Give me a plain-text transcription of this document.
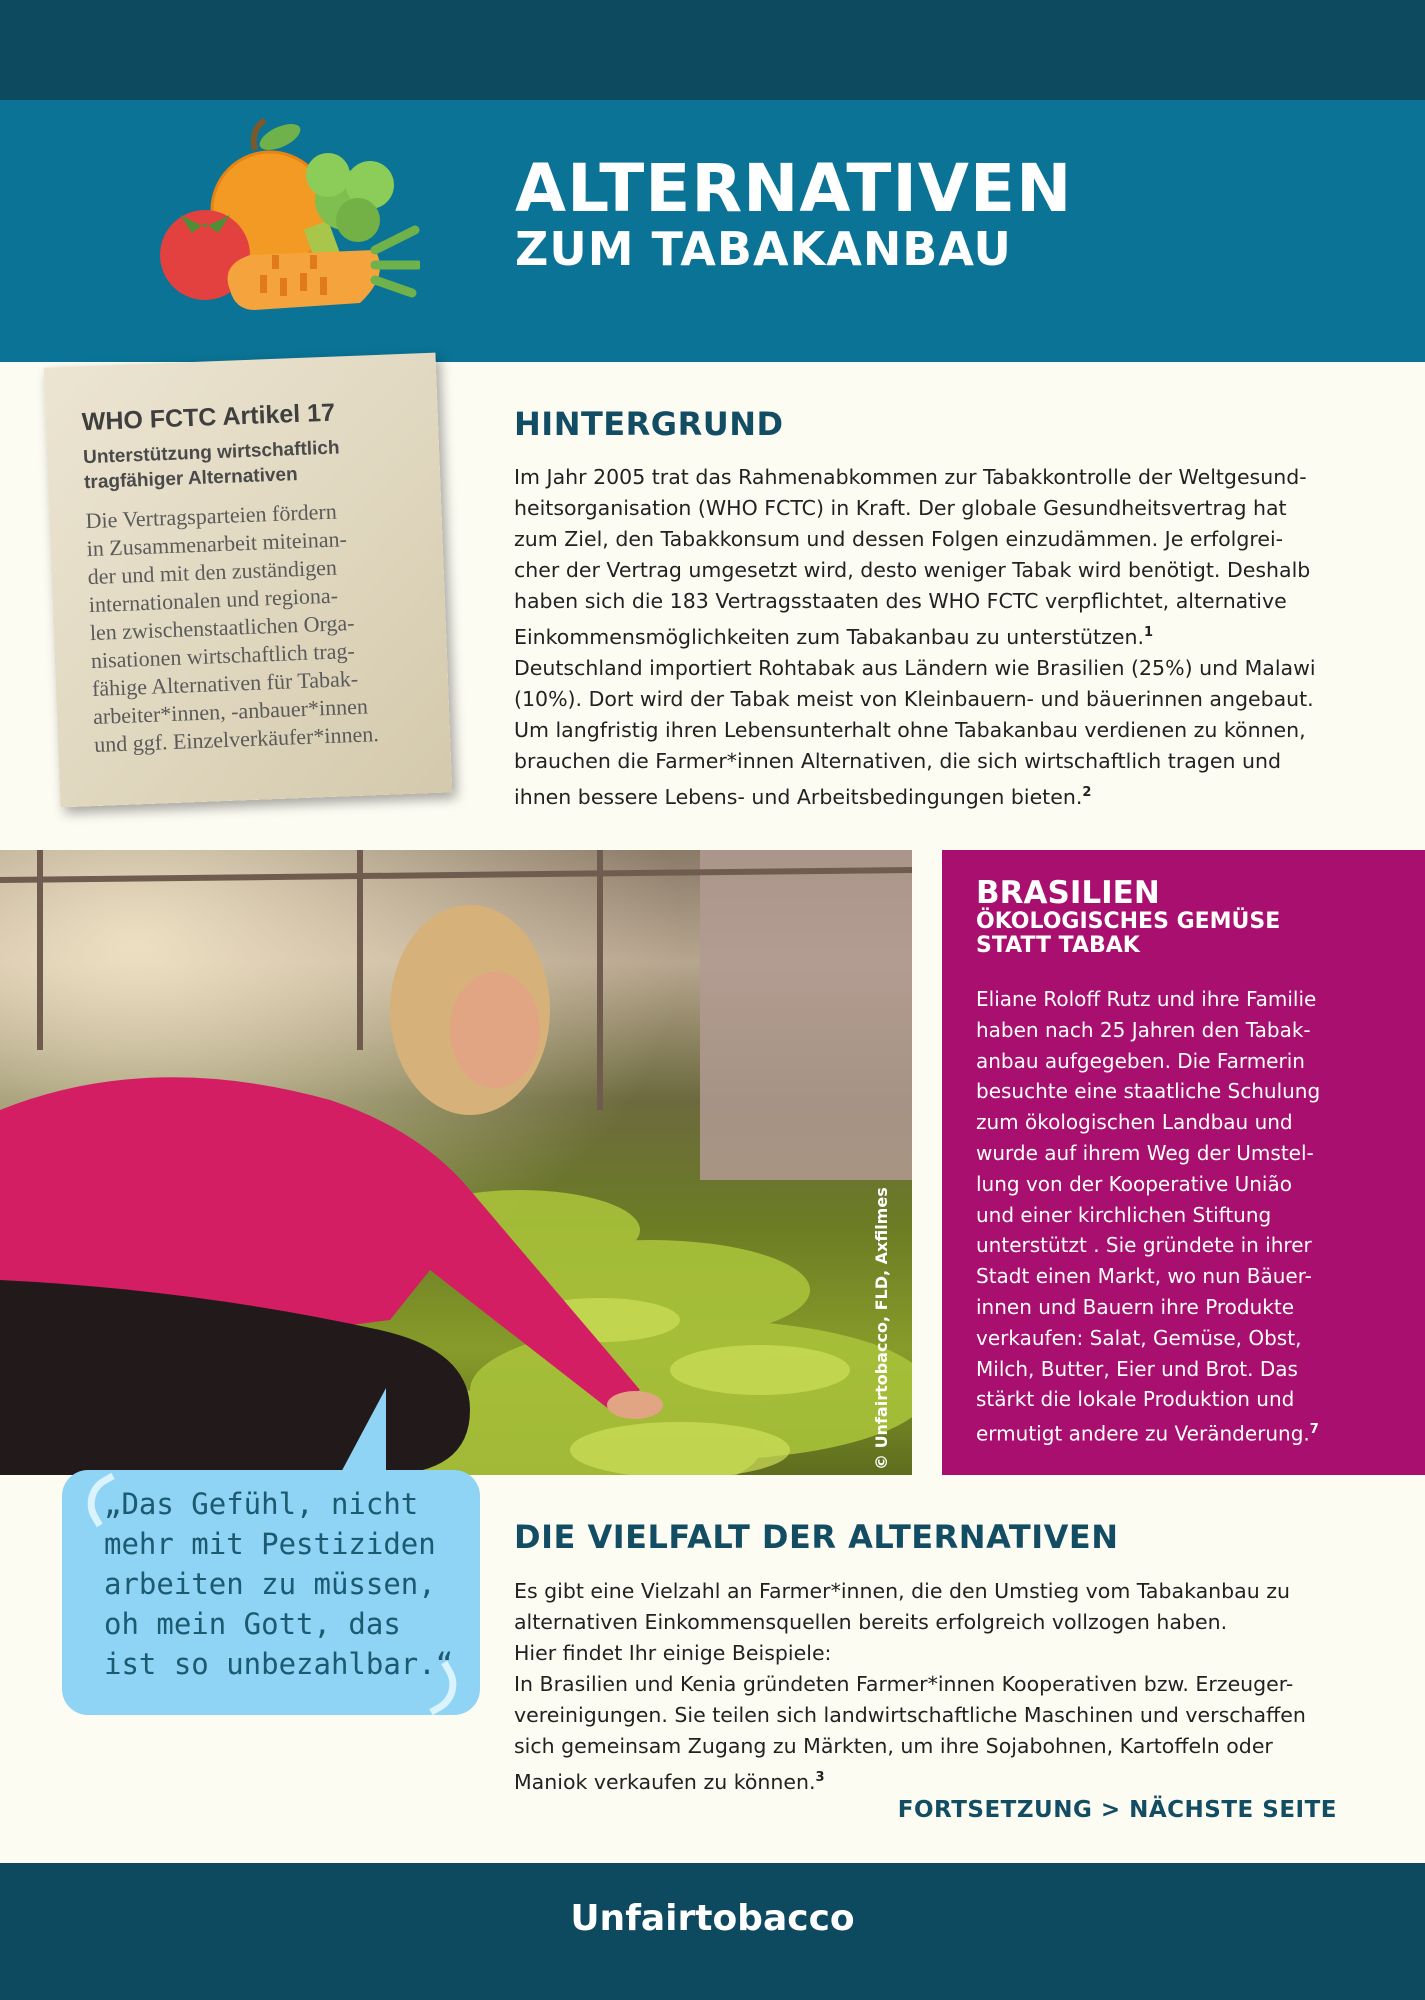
ALTERNATIVEN
ZUM TABAKANBAU
WHO FCTC Artikel 17
Unterstützung wirtschaftlich tragfähiger Alternativen
Die Vertragsparteien fördern
in Zusammenarbeit miteinan-
der und mit den zuständigen
internationalen und regiona-
len zwischenstaatlichen Orga-
nisationen wirtschaftlich trag-
fähige Alternativen für Tabak-
arbeiter*innen, -anbauer*innen
und ggf. Einzelverkäufer*innen.
HINTERGRUND
Im Jahr 2005 trat das Rahmenabkommen zur Tabakkontrolle der Weltgesund-
heitsorganisation (WHO FCTC) in Kraft. Der globale Gesundheitsvertrag hat
zum Ziel, den Tabakkonsum und dessen Folgen einzudämmen. Je erfolgrei-
cher der Vertrag umgesetzt wird, desto weniger Tabak wird benötigt. Deshalb
haben sich die 183 Vertragsstaaten des WHO FCTC verpflichtet, alternative
Einkommensmöglichkeiten zum Tabakanbau zu unterstützen.$^1$
Deutschland importiert Rohtabak aus Ländern wie Brasilien (25%) und Malawi
(10%). Dort wird der Tabak meist von Kleinbauern- und bäuerinnen angebaut.
Um langfristig ihren Lebensunterhalt ohne Tabakanbau verdienen zu können,
brauchen die Farmer*innen Alternativen, die sich wirtschaftlich tragen und
ihnen bessere Lebens- und Arbeitsbedingungen bieten.$^2$
© Unfairtobacco, FLD, Axfilmes
BRASILIEN
ÖKOLOGISCHES GEMÜSE
STATT TABAK
Eliane Roloff Rutz und ihre Familie
haben nach 25 Jahren den Tabak-
anbau aufgegeben. Die Farmerin
besuchte eine staatliche Schulung
zum ökologischen Landbau und
wurde auf ihrem Weg der Umstel-
lung von der Kooperative União
und einer kirchlichen Stiftung
unterstützt . Sie gründete in ihrer
Stadt einen Markt, wo nun Bäuer-
innen und Bauern ihre Produkte
verkaufen: Salat, Gemüse, Obst,
Milch, Butter, Eier und Brot. Das
stärkt die lokale Produktion und
ermutigt andere zu Veränderung.$^7$
„Das Gefühl, nicht
mehr mit Pestiziden
arbeiten zu müssen,
oh mein Gott, das
ist so unbezahlbar.“
DIE VIELFALT DER ALTERNATIVEN
Es gibt eine Vielzahl an Farmer*innen, die den Umstieg vom Tabakanbau zu
alternativen Einkommensquellen bereits erfolgreich vollzogen haben.
Hier findet Ihr einige Beispiele:
In Brasilien und Kenia gründeten Farmer*innen Kooperativen bzw. Erzeuger-
vereinigungen. Sie teilen sich landwirtschaftliche Maschinen und verschaffen
sich gemeinsam Zugang zu Märkten, um ihre Sojabohnen, Kartoffeln oder
Maniok verkaufen zu können.$^3$
FORTSETZUNG > NÄCHSTE SEITE
Unfairtobacco
